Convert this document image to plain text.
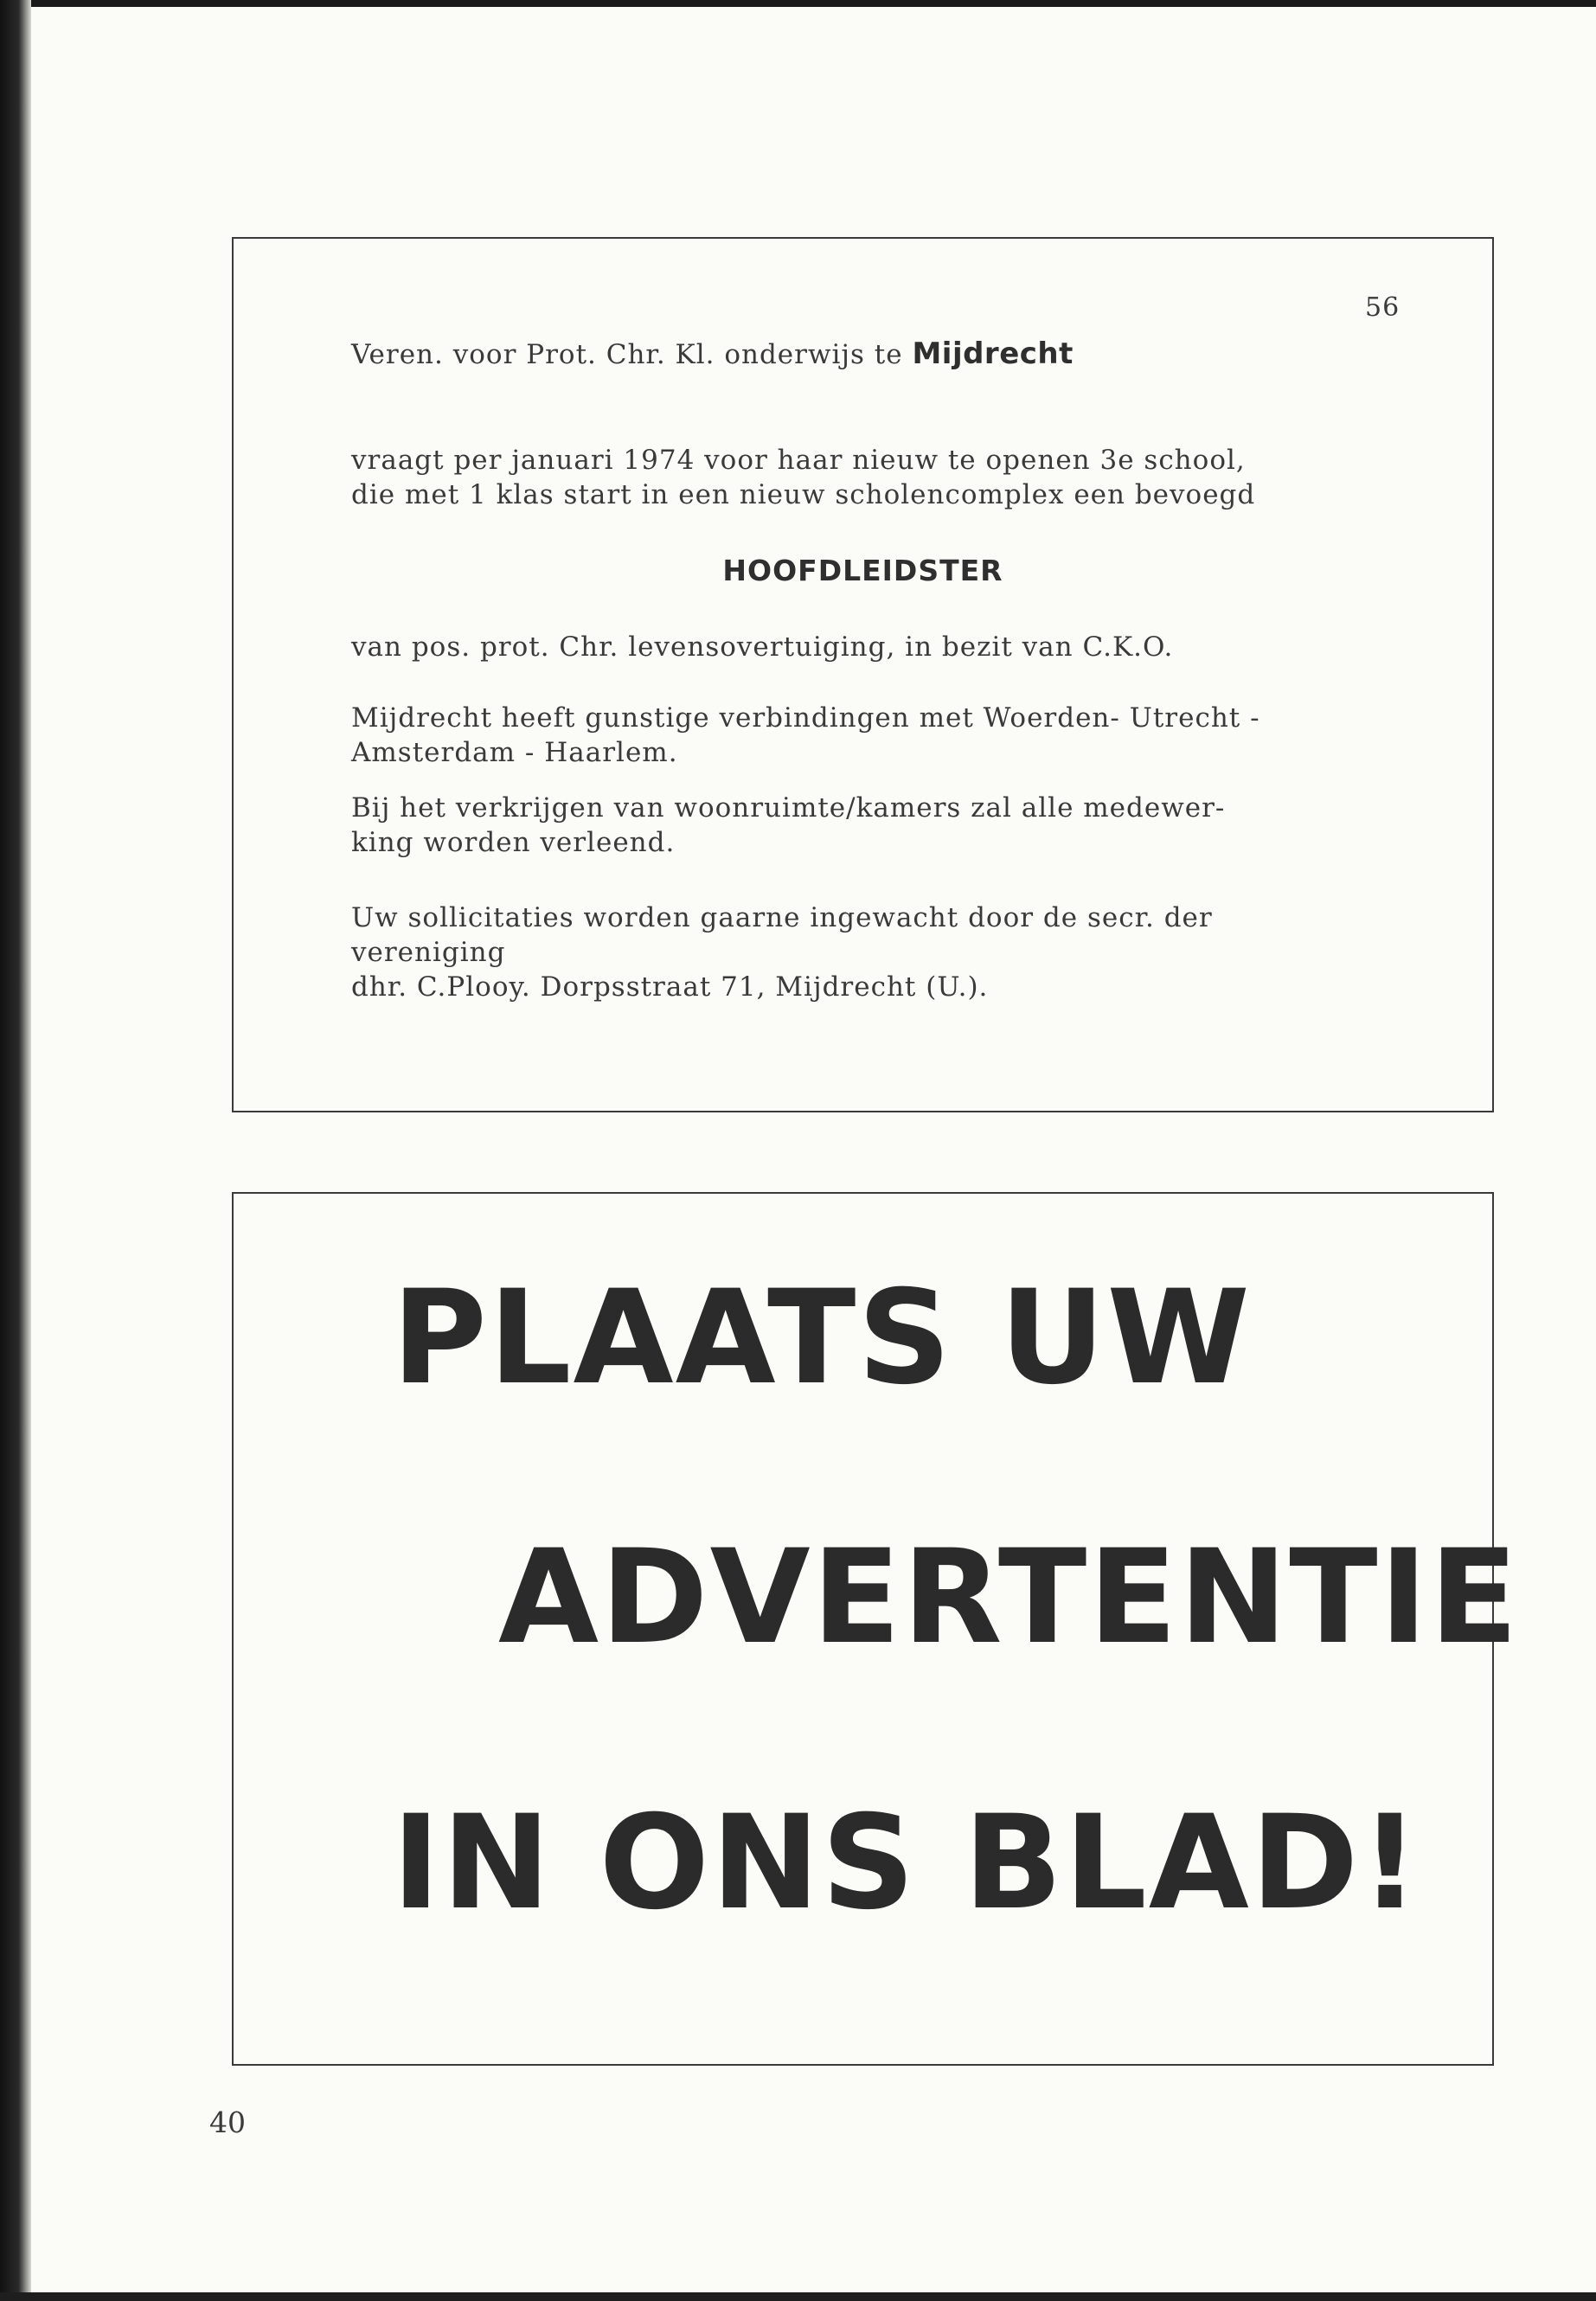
56
Veren. voor Prot. Chr. Kl. onderwijs te Mijdrecht
vraagt per januari 1974 voor haar nieuw te openen 3e school,
die met 1 klas start in een nieuw scholencomplex een bevoegd
HOOFDLEIDSTER
van pos. prot. Chr. levensovertuiging, in bezit van C.K.O.
Mijdrecht heeft gunstige verbindingen met Woerden- Utrecht -
Amsterdam - Haarlem.
Bij het verkrijgen van woonruimte/kamers zal alle medewer-
king worden verleend.
Uw sollicitaties worden gaarne ingewacht door de secr. der
vereniging
dhr. C.Plooy. Dorpsstraat 71, Mijdrecht (U.).
PLAATS UW
ADVERTENTIE
IN ONS BLAD!
40
